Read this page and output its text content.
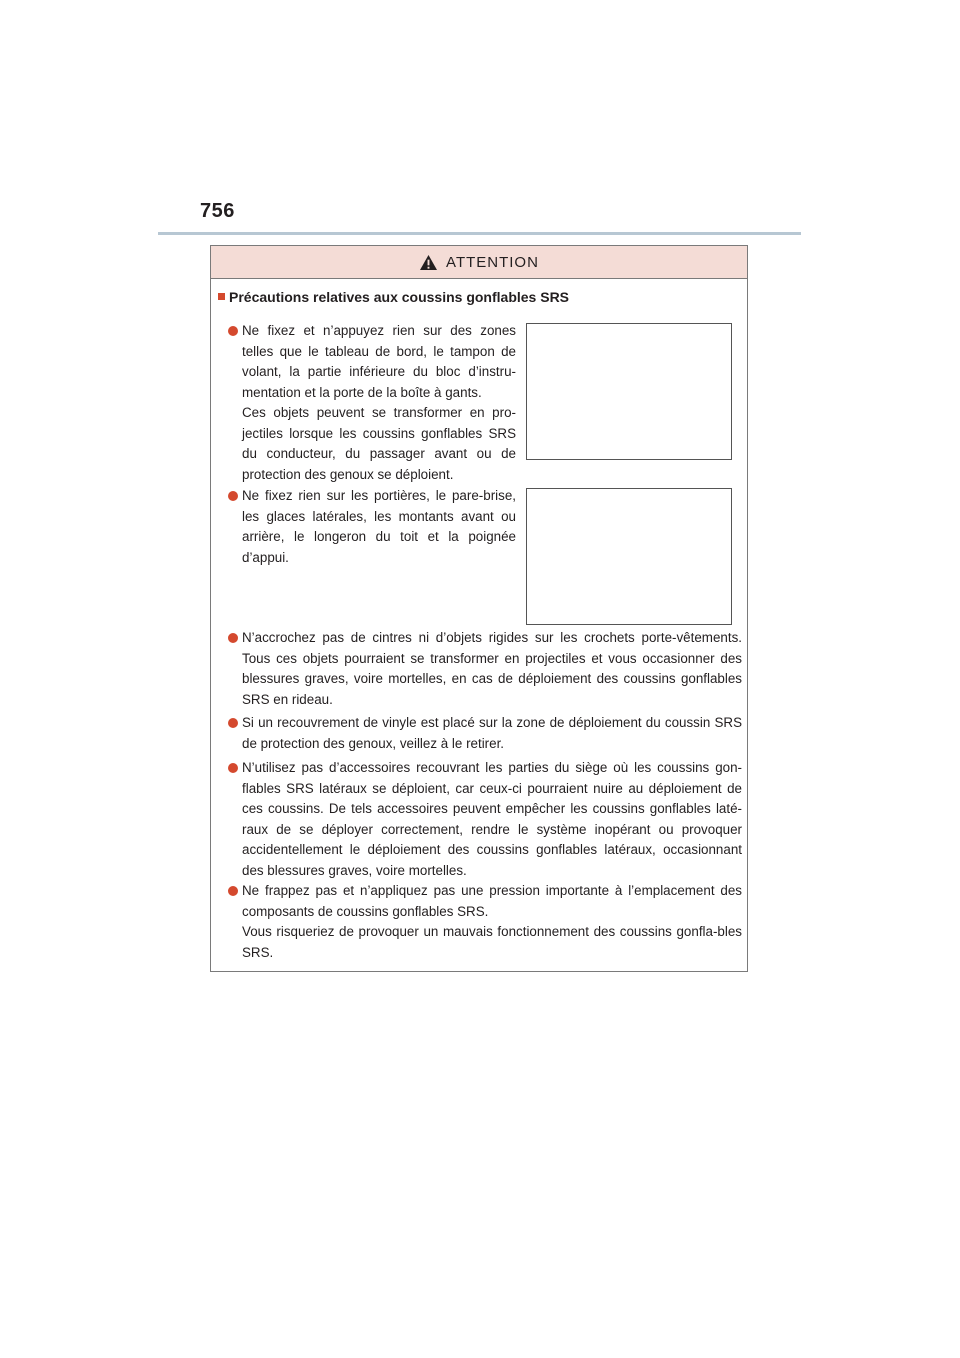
756
ATTENTION
Précautions relatives aux coussins gonflables SRS

Ne fixez et n’appuyez rien sur des zones telles que le tableau de bord, le tampon de volant, la partie inférieure du bloc d’instru-mentation et la porte de la boîte à gants.

Ces objets peuvent se transformer en pro-jectiles lorsque les coussins gonflables SRS du conducteur, du passager avant ou de protection des genoux se déploient.

Ne fixez rien sur les portières, le pare-brise, les glaces latérales, les montants avant ou arrière, le longeron du toit et la poignée d’appui.

N’accrochez pas de cintres ni d’objets rigides sur les crochets porte-vêtements. Tous ces objets pourraient se transformer en projectiles et vous occasionner des blessures graves, voire mortelles, en cas de déploiement des coussins gonflables SRS en rideau.

Si un recouvrement de vinyle est placé sur la zone de déploiement du coussin SRS de protection des genoux, veillez à le retirer.

N’utilisez pas d’accessoires recouvrant les parties du siège où les coussins gon-flables SRS latéraux se déploient, car ceux-ci pourraient nuire au déploiement de ces coussins. De tels accessoires peuvent empêcher les coussins gonflables laté-raux de se déployer correctement, rendre le système inopérant ou provoquer accidentellement le déploiement des coussins gonflables latéraux, occasionnant des blessures graves, voire mortelles.

Ne frappez pas et n’appliquez pas une pression importante à l’emplacement des composants de coussins gonflables SRS.

Vous risqueriez de provoquer un mauvais fonctionnement des coussins gonfla-bles SRS.
